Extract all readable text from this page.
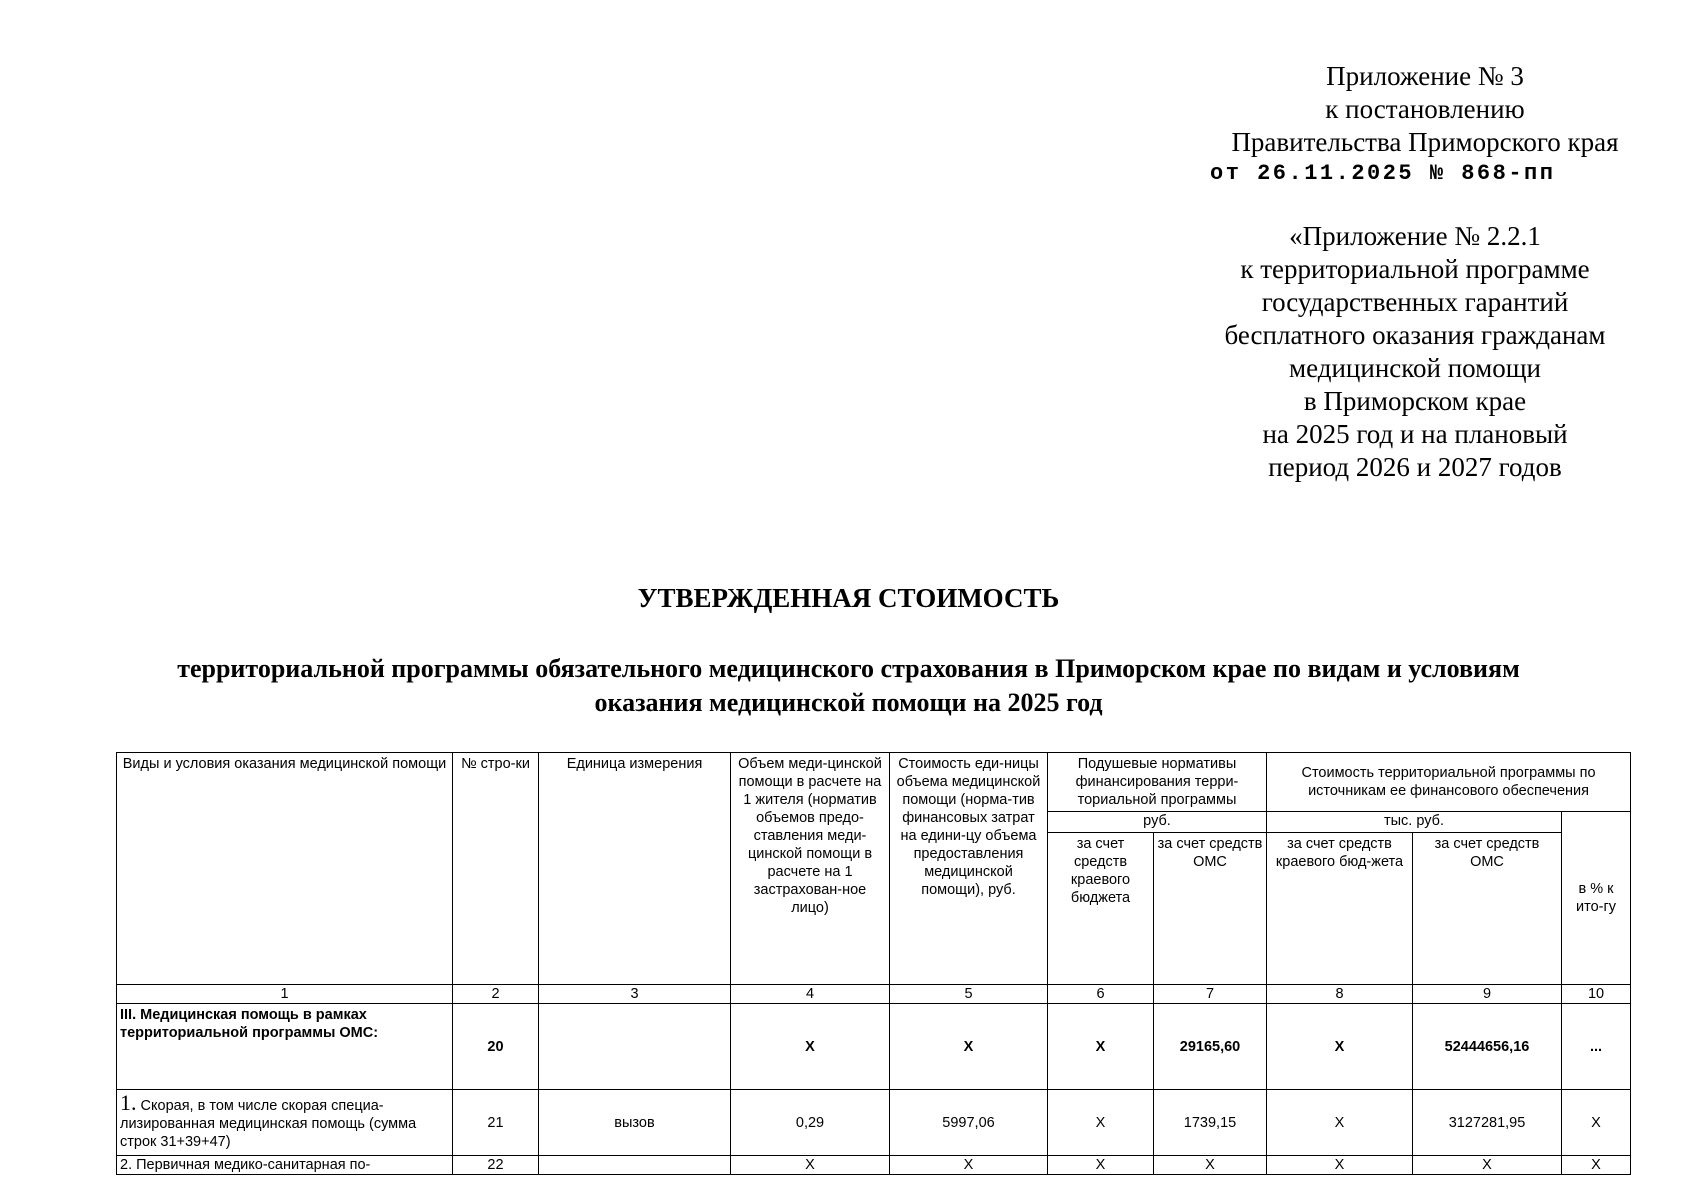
Приложение № 3
к постановлению
Правительства Приморского края
от 26.11.2025 № 868-пп
«Приложение № 2.2.1
к территориальной программе
государственных гарантий
бесплатного оказания гражданам
медицинской помощи
в Приморском крае
на 2025 год и на плановый
период 2026 и 2027 годов
УТВЕРЖДЕННАЯ СТОИМОСТЬ
территориальной программы обязательного медицинского страхования в Приморском крае по видам и условиям
оказания медицинской помощи на 2025 год
Виды и условия оказания медицинской помощи	№ стро-ки	Единица измерения	Объем меди-цинской помощи в расчете на 1 жителя (норматив объемов предо-ставления меди-цинской помощи в расчете на 1 застрахован-ное лицо)	Стоимость еди-ницы объема медицинской помощи (норма-тив финансовых затрат на едини-цу объема предоставления медицинской помощи), руб.	Подушевые нормативы финансирования терри-ториальной программы		Стоимость территориальной программы по источникам ее финансового обеспечения		
					руб.		тыс. руб.		в % к ито-гу
					за счет средств краевого бюджета	за счет средств ОМС	за счет средств краевого бюд-жета	за счет средств ОМС	
1	2	3	4	5	6	7	8	9	10
III. Медицинская помощь в рамках территориальной программы ОМС:	20		Х	Х	Х	29165,60	Х	52444656,16	...
1. Скорая, в том числе скорая специа-лизированная медицинская помощь (сумма строк 31+39+47)	21	вызов	0,29	5997,06	Х	1739,15	Х	3127281,95	Х
2. Первичная медико-санитарная по-	22		Х	Х	Х	Х	Х	Х	Х
